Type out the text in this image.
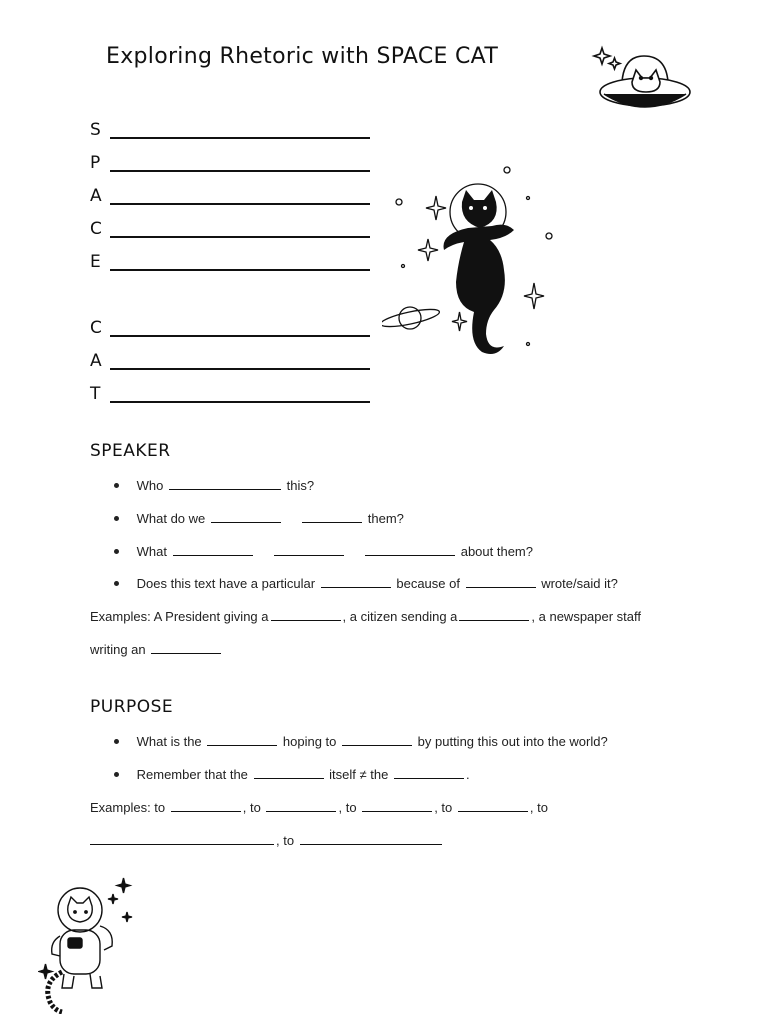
Exploring Rhetoric with SPACE CAT
S
P
A
C
E
C
A
T
SPEAKER
Who	this?
What do we	them?
What	about them?
Does this text have a particular	because of	wrote/said it?
Examples: A President giving a	, a citizen sending a	, a newspaper staff
writing an
PURPOSE
What is the	hoping to	by putting this out into the world?
Remember that the	itself ≠ the	.
Examples: to	, to	, to	, to	, to
, to
